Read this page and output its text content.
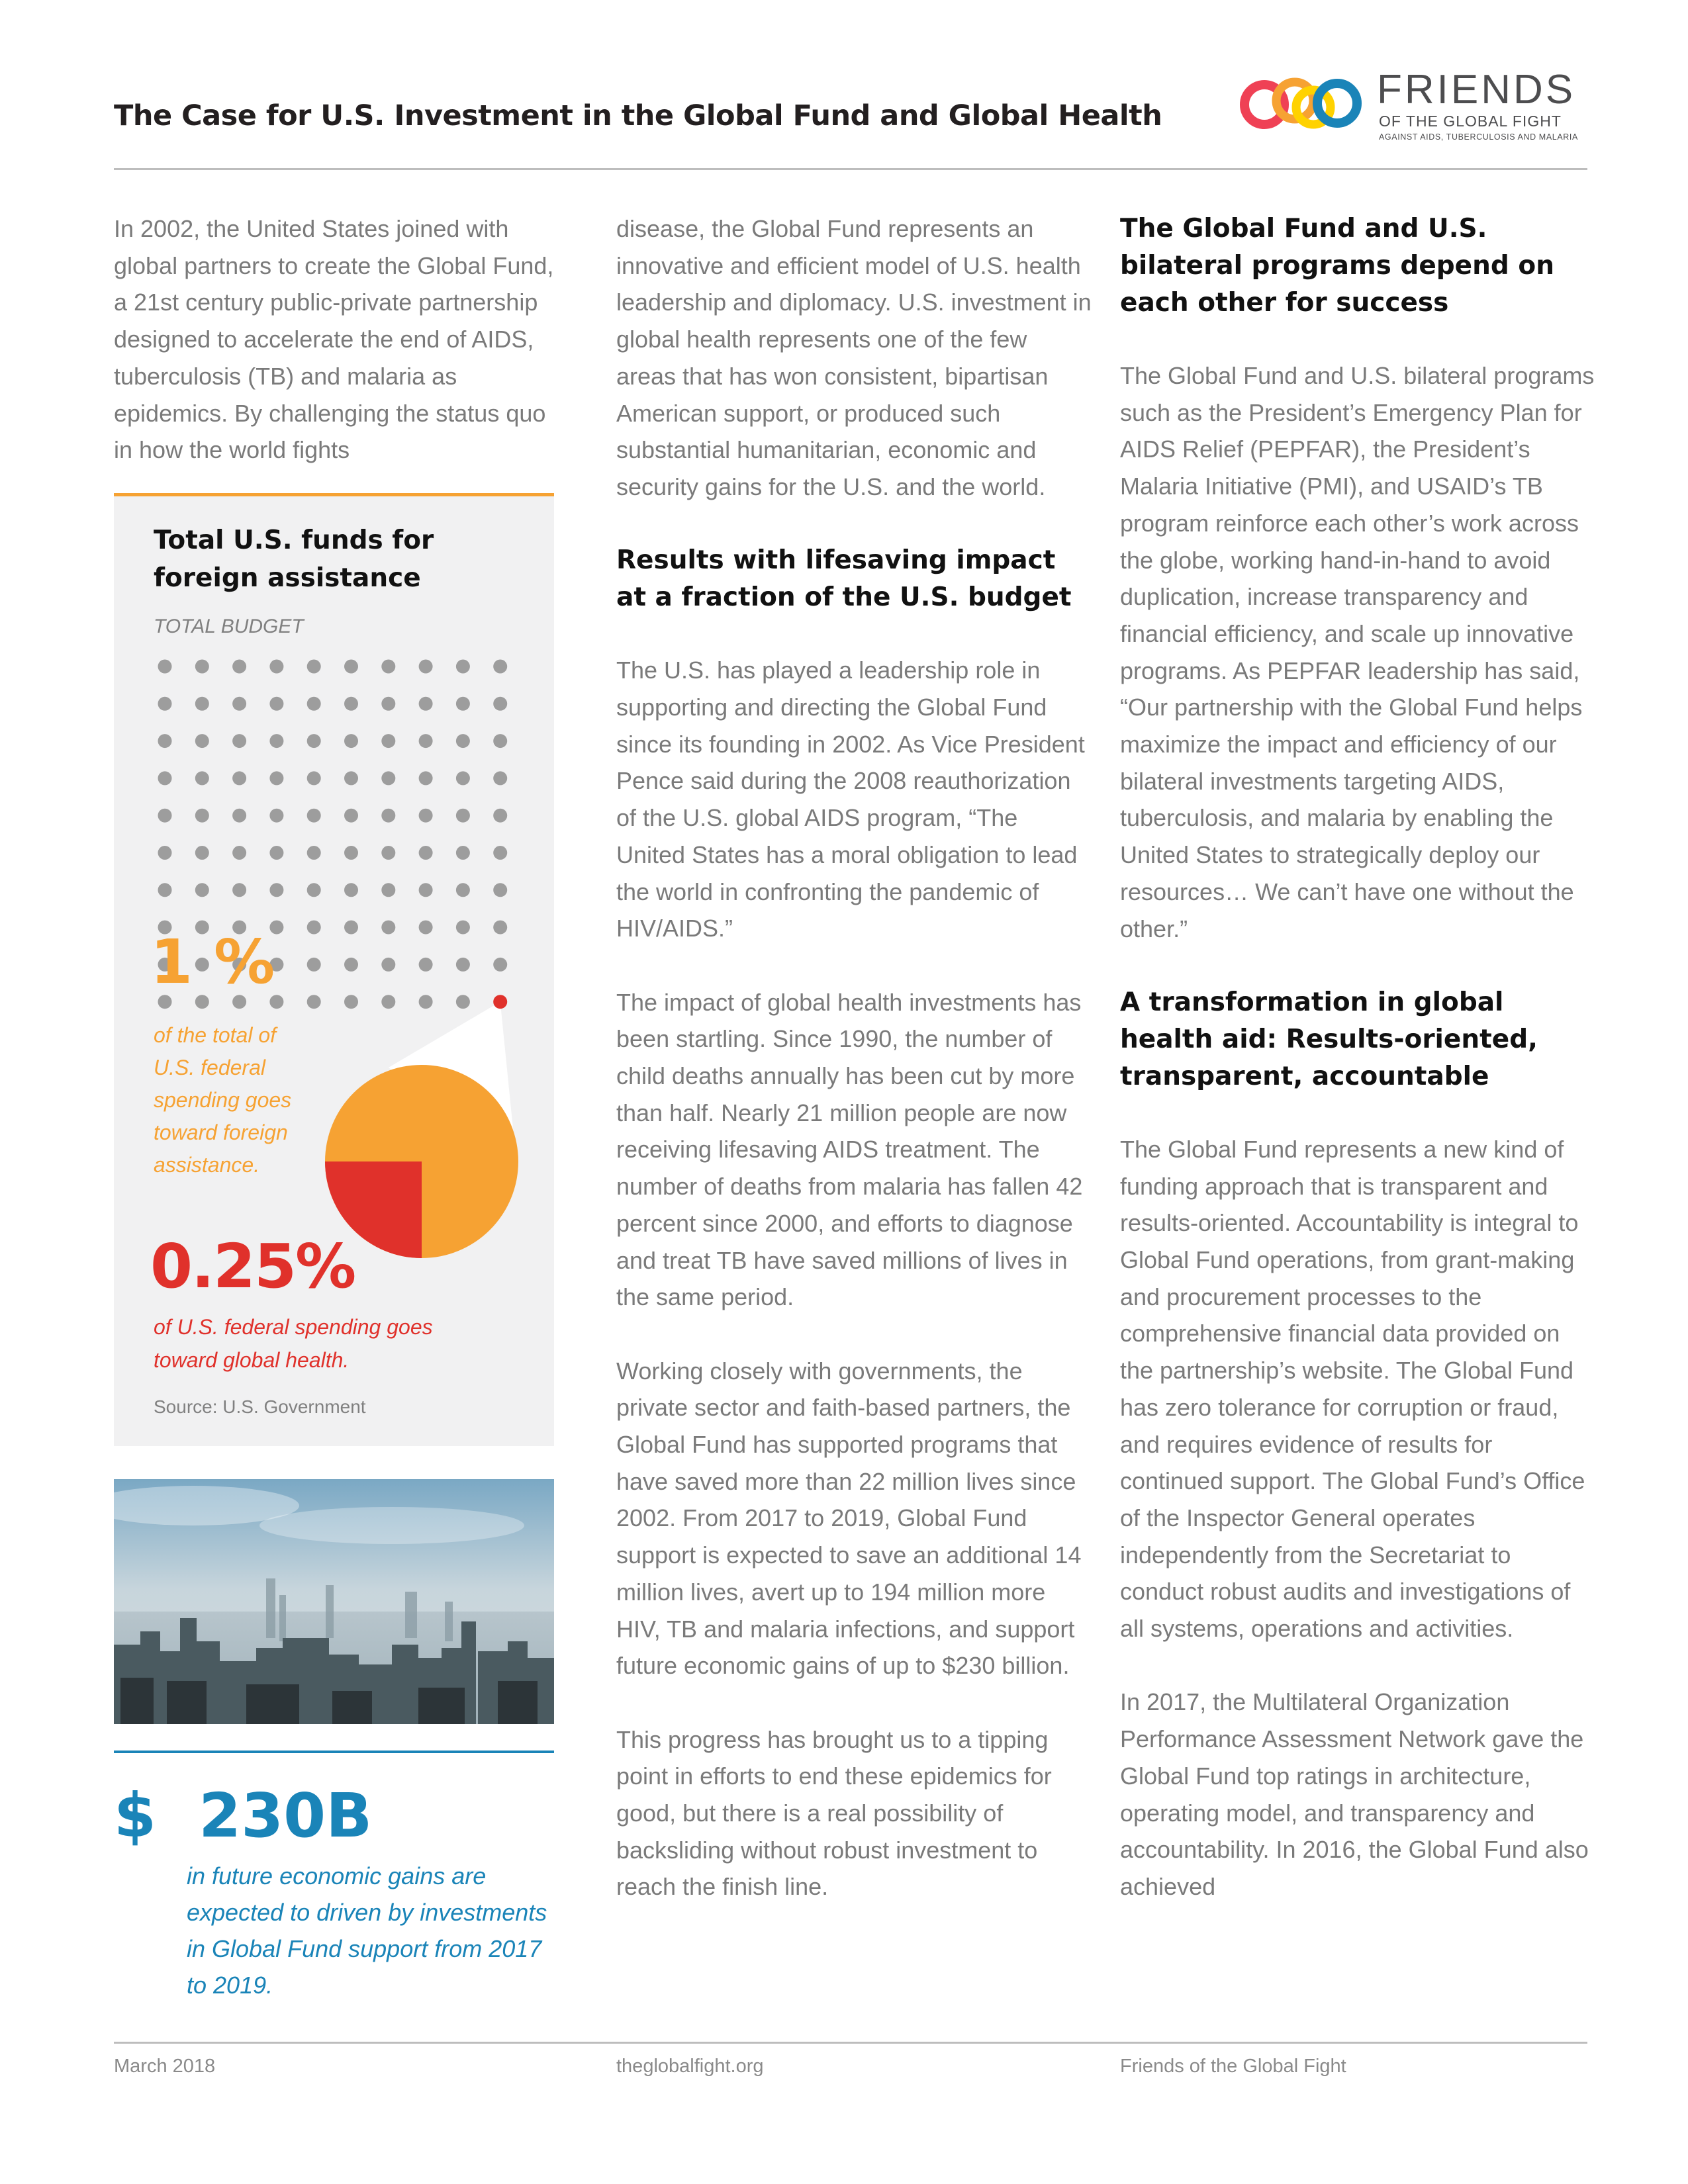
The Case for U.S. Investment in the Global Fund and Global Health
FRIENDS
OF THE GLOBAL FIGHT
AGAINST AIDS, TUBERCULOSIS AND MALARIA

In 2002, the United States joined with global partners to create the Global Fund, a 21st century public-private partnership designed to accelerate the end of AIDS, tuberculosis (TB) and malaria as epidemics. By challenging the status quo in how the world fights

Total U.S. funds for
foreign assistance
TOTAL BUDGET
1 %
of the total of U.S. federal spending goes toward foreign assistance.
0.25%
of U.S. federal spending goes toward global health.
Source: U.S. Government
$  230B
in future economic gains are expected to driven by investments in Global Fund support from 2017 to 2019.

disease, the Global Fund represents an innovative and efficient model of U.S. health leadership and diplomacy. U.S. investment in global health represents one of the few areas that has won consistent, bipartisan American support, or produced such substantial humanitarian, economic and security gains for the U.S. and the world.

Results with lifesaving impact at a fraction of the U.S. budget

The U.S. has played a leadership role in supporting and directing the Global Fund since its founding in 2002. As Vice President Pence said during the 2008 reauthorization of the U.S. global AIDS program, “The United States has a moral obligation to lead the world in confronting the pandemic of HIV/AIDS.”

The impact of global health investments has been startling. Since 1990, the number of child deaths annually has been cut by more than half. Nearly 21 million people are now receiving lifesaving AIDS treatment. The number of deaths from malaria has fallen 42 percent since 2000, and efforts to diagnose and treat TB have saved millions of lives in the same period.

Working closely with governments, the private sector and faith-based partners, the Global Fund has supported programs that have saved more than 22 million lives since 2002. From 2017 to 2019, Global Fund support is expected to save an additional 14 million lives, avert up to 194 million more HIV, TB and malaria infections, and support future economic gains of up to $230 billion.

This progress has brought us to a tipping point in efforts to end these epidemics for good, but there is a real possibility of backsliding without robust investment to reach the finish line.

The Global Fund and U.S. bilateral programs depend on each other for success

The Global Fund and U.S. bilateral programs such as the President’s Emergency Plan for AIDS Relief (PEPFAR), the President’s Malaria Initiative (PMI), and USAID’s TB program reinforce each other’s work across the globe, working hand-in-hand to avoid duplication, increase transparency and financial efficiency, and scale up innovative programs. As PEPFAR leadership has said, “Our partnership with the Global Fund helps maximize the impact and efficiency of our bilateral investments targeting AIDS, tuberculosis, and malaria by enabling the United States to strategically deploy our resources… We can’t have one without the other.”

A transformation in global health aid: Results-oriented, transparent, accountable

The Global Fund represents a new kind of funding approach that is transparent and results-oriented. Accountability is integral to Global Fund operations, from grant-making and procurement processes to the comprehensive financial data provided on the partnership’s website. The Global Fund has zero tolerance for corruption or fraud, and requires evidence of results for continued support. The Global Fund’s Office of the Inspector General operates independently from the Secretariat to conduct robust audits and investigations of all systems, operations and activities.

In 2017, the Multilateral Organization Performance Assessment Network gave the Global Fund top ratings in architecture, operating model, and transparency and accountability. In 2016, the Global Fund also achieved

March 2018	theglobalfight.org	Friends of the Global Fight
